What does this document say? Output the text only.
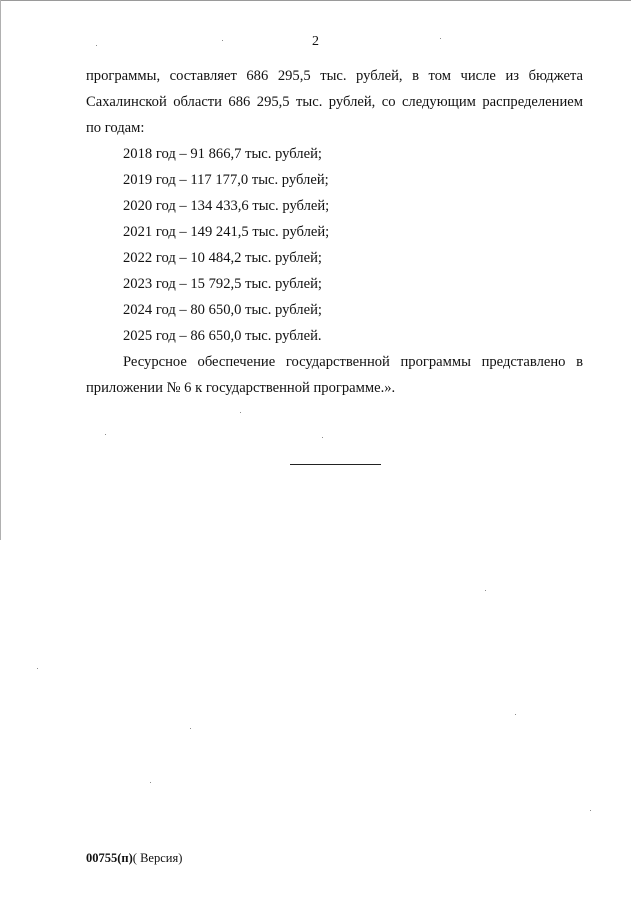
2
программы, составляет 686 295,5 тыс. рублей, в том числе из бюджета
Сахалинской области 686 295,5 тыс. рублей, со следующим распределением
по годам:
2018 год – 91 866,7 тыс. рублей;
2019 год – 117 177,0 тыс. рублей;
2020 год – 134 433,6 тыс. рублей;
2021 год – 149 241,5 тыс. рублей;
2022 год – 10 484,2 тыс. рублей;
2023 год – 15 792,5 тыс. рублей;
2024 год – 80 650,0 тыс. рублей;
2025 год – 86 650,0 тыс. рублей.
Ресурсное обеспечение государственной программы представлено в
приложении № 6 к государственной программе.».
00755(п)( Версия)
